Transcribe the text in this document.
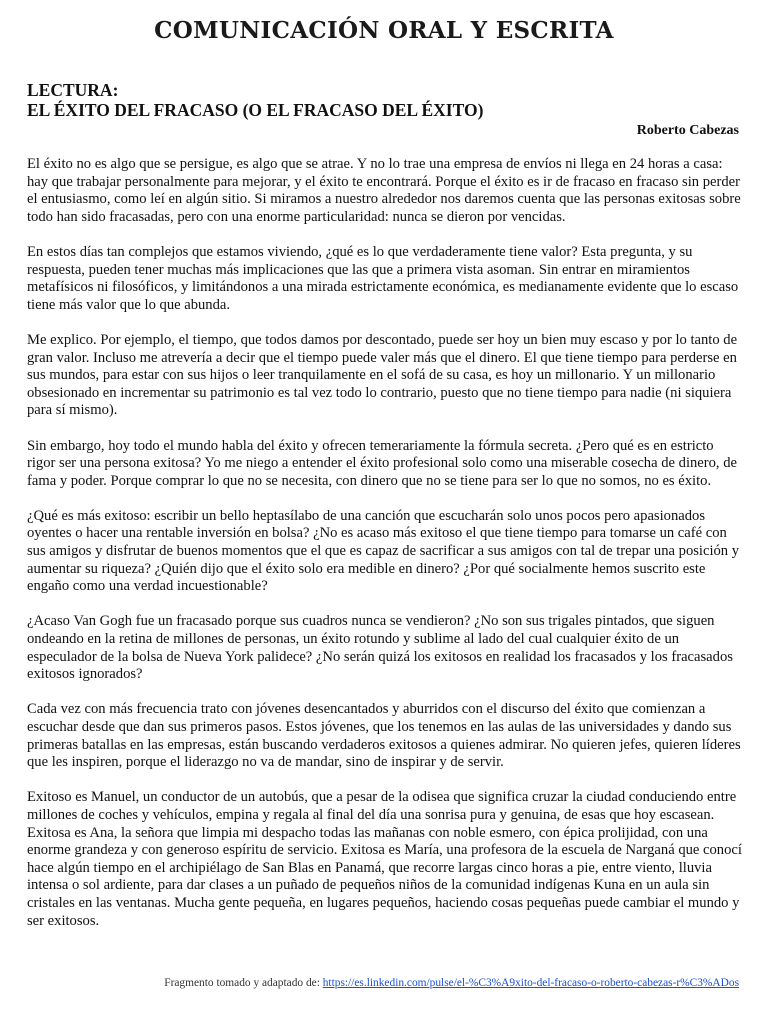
COMUNICACIÓN ORAL Y ESCRITA
LECTURA:
EL ÉXITO DEL FRACASO (O EL FRACASO DEL ÉXITO)
Roberto Cabezas

El éxito no es algo que se persigue, es algo que se atrae. Y no lo trae una empresa de envíos ni llega en 24 horas a casa: hay que trabajar personalmente para mejorar, y el éxito te encontrará. Porque el éxito es ir de fracaso en fracaso sin perder el entusiasmo, como leí en algún sitio. Si miramos a nuestro alrededor nos daremos cuenta que las personas exitosas sobre todo han sido fracasadas, pero con una enorme particularidad: nunca se dieron por vencidas.

En estos días tan complejos que estamos viviendo, ¿qué es lo que verdaderamente tiene valor? Esta pregunta, y su respuesta, pueden tener muchas más implicaciones que las que a primera vista asoman. Sin entrar en miramientos metafísicos ni filosóficos, y limitándonos a una mirada estrictamente económica, es medianamente evidente que lo escaso tiene más valor que lo que abunda.

Me explico. Por ejemplo, el tiempo, que todos damos por descontado, puede ser hoy un bien muy escaso y por lo tanto de gran valor. Incluso me atrevería a decir que el tiempo puede valer más que el dinero. El que tiene tiempo para perderse en sus mundos, para estar con sus hijos o leer tranquilamente en el sofá de su casa, es hoy un millonario. Y un millonario obsesionado en incrementar su patrimonio es tal vez todo lo contrario, puesto que no tiene tiempo para nadie (ni siquiera para sí mismo).

Sin embargo, hoy todo el mundo habla del éxito y ofrecen temerariamente la fórmula secreta. ¿Pero qué es en estricto rigor ser una persona exitosa? Yo me niego a entender el éxito profesional solo como una miserable cosecha de dinero, de fama y poder. Porque comprar lo que no se necesita, con dinero que no se tiene para ser lo que no somos, no es éxito.

¿Qué es más exitoso: escribir un bello heptasílabo de una canción que escucharán solo unos pocos pero apasionados oyentes o hacer una rentable inversión en bolsa? ¿No es acaso más exitoso el que tiene tiempo para tomarse un café con sus amigos y disfrutar de buenos momentos que el que es capaz de sacrificar a sus amigos con tal de trepar una posición y aumentar su riqueza? ¿Quién dijo que el éxito solo era medible en dinero? ¿Por qué socialmente hemos suscrito este engaño como una verdad incuestionable?

¿Acaso Van Gogh fue un fracasado porque sus cuadros nunca se vendieron? ¿No son sus trigales pintados, que siguen ondeando en la retina de millones de personas, un éxito rotundo y sublime al lado del cual cualquier éxito de un especulador de la bolsa de Nueva York palidece? ¿No serán quizá los exitosos en realidad los fracasados y los fracasados exitosos ignorados?

Cada vez con más frecuencia trato con jóvenes desencantados y aburridos con el discurso del éxito que comienzan a escuchar desde que dan sus primeros pasos. Estos jóvenes, que los tenemos en las aulas de las universidades y dando sus primeras batallas en las empresas, están buscando verdaderos exitosos a quienes admirar. No quieren jefes, quieren líderes que les inspiren, porque el liderazgo no va de mandar, sino de inspirar y de servir.

Exitoso es Manuel, un conductor de un autobús, que a pesar de la odisea que significa cruzar la ciudad conduciendo entre millones de coches y vehículos, empina y regala al final del día una sonrisa pura y genuina, de esas que hoy escasean. Exitosa es Ana, la señora que limpia mi despacho todas las mañanas con noble esmero, con épica prolijidad, con una enorme grandeza y con generoso espíritu de servicio. Exitosa es María, una profesora de la escuela de Narganá que conocí hace algún tiempo en el archipiélago de San Blas en Panamá, que recorre largas cinco horas a pie, entre viento, lluvia intensa o sol ardiente, para dar clases a un puñado de pequeños niños de la comunidad indígenas Kuna en un aula sin cristales en las ventanas. Mucha gente pequeña, en lugares pequeños, haciendo cosas pequeñas puede cambiar el mundo y ser exitosos.

Fragmento tomado y adaptado de: https://es.linkedin.com/pulse/el-%C3%A9xito-del-fracaso-o-roberto-cabezas-r%C3%ADos
